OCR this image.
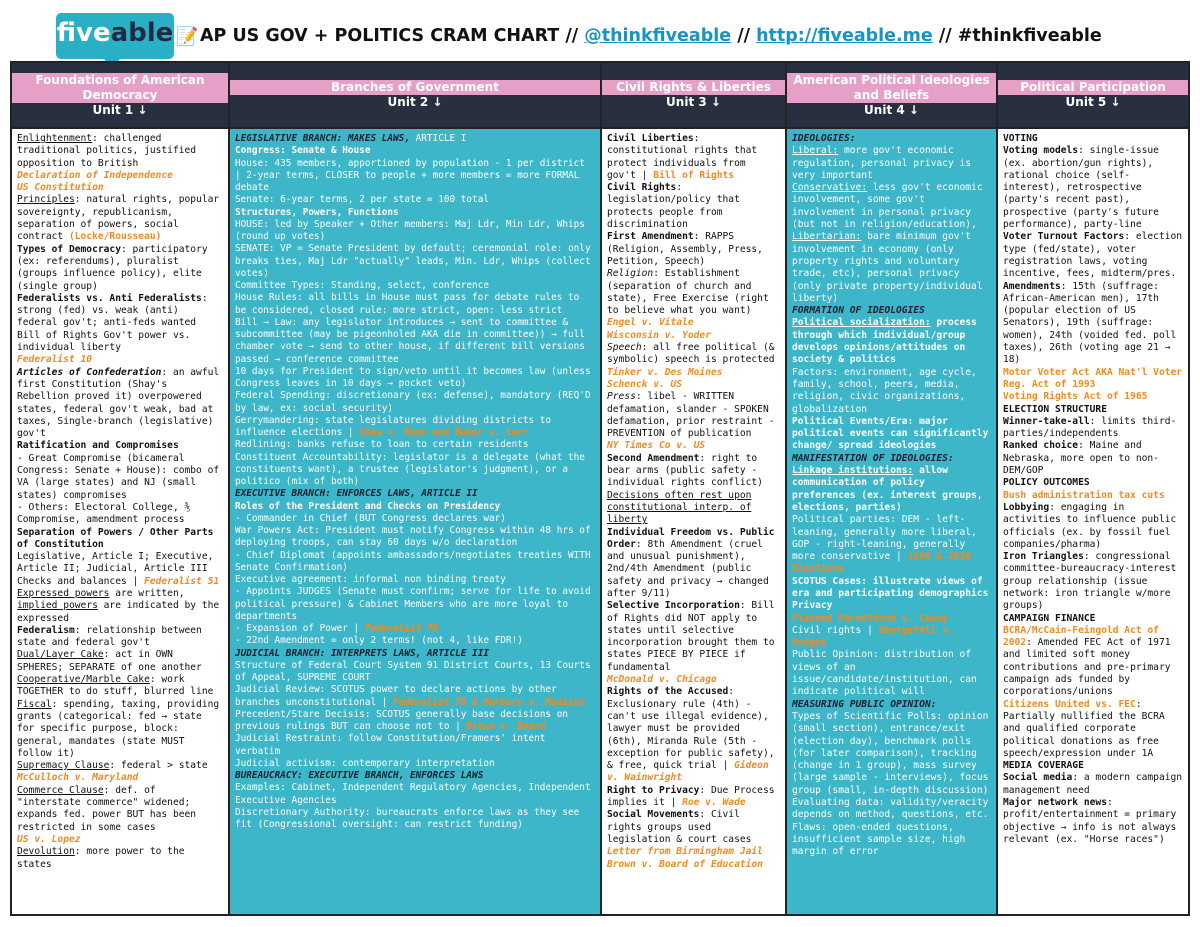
fiveable 📝 AP US GOV + POLITICS CRAM CHART // @thinkfiveable // http://fiveable.me // #thinkfiveable
Foundations of American Democracy
Unit 1 ↓
Enlightenment: challenged traditional politics, justified opposition to British
Declaration of Independence
US Constitution
Principles: natural rights, popular sovereignty, republicanism, separation of powers, social contract (Locke/Rousseau)
Types of Democracy: participatory (ex: referendums), pluralist (groups influence policy), elite (single group)
Federalists vs. Anti Federalists: strong (fed) vs. weak (anti) federal gov't; anti-feds wanted Bill of Rights Gov't power vs. individual liberty
Federalist 10
Articles of Confederation: an awful first Constitution (Shay's Rebellion proved it) overpowered states, federal gov't weak, bad at taxes, Single-branch (legislative) gov't
Ratification and Compromises
- Great Compromise (bicameral Congress: Senate + House): combo of VA (large states) and NJ (small states) compromises
- Others: Electoral College, ⅗ Compromise, amendment process
Separation of Powers / Other Parts of Constitution
Legislative, Article I; Executive, Article II; Judicial, Article III Checks and balances | Federalist 51
Expressed powers are written, implied powers are indicated by the expressed
Federalism: relationship between state and federal gov't
Dual/Layer Cake: act in OWN SPHERES; SEPARATE of one another
Cooperative/Marble Cake: work TOGETHER to do stuff, blurred line
Fiscal: spending, taxing, providing grants (categorical: fed → state for specific purpose, block: general, mandates (state MUST follow it)
Supremacy Clause: federal > state
McCulloch v. Maryland
Commerce Clause: def. of "interstate commerce" widened; expands fed. power BUT has been restricted in some cases
US v. Lopez
Devolution: more power to the states
Branches of Government
Unit 2 ↓
LEGISLATIVE BRANCH: MAKES LAWS, ARTICLE I
Congress: Senate & House
House: 435 members, apportioned by population - 1 per district | 2-year terms, CLOSER to people + more members = more FORMAL debate
Senate: 6-year terms, 2 per state = 100 total
Structures, Powers, Functions
HOUSE: led by Speaker + Other members: Maj Ldr, Min Ldr, Whips (round up votes)
SENATE: VP = Senate President by default; ceremonial role: only breaks ties, Maj Ldr "actually" leads, Min. Ldr, Whips (collect votes)
Committee Types: Standing, select, conference
House Rules: all bills in House must pass for debate rules to be considered, closed rule: more strict, open: less strict
Bill → Law: any legislator introduces → sent to committee & subcommittee (may be pigeonholed AKA die in committee)) → full chamber vote → send to other house, if different bill versions passed → conference committee
10 days for President to sign/veto until it becomes law (unless Congress leaves in 10 days → pocket veto)
Federal Spending: discretionary (ex: defense), mandatory (REQ'D by law, ex: social security)
Gerrymandering: state legislatures dividing districts to influence elections | Shaw v. Reno and Baker v. Carr
Redlining: banks refuse to loan to certain residents
Constituent Accountability: legislator is a delegate (what the constituents want), a trustee (legislator's judgment), or a politico (mix of both)
EXECUTIVE BRANCH: ENFORCES LAWS, ARTICLE II
Roles of the President and Checks on Presidency
- Commander in Chief (BUT Congress declares war)
War Powers Act: President must notify Congress within 48 hrs of deploying troops, can stay 60 days w/o declaration
- Chief Diplomat (appoints ambassadors/negotiates treaties WITH Senate Confirmation)
Executive agreement: informal non binding treaty
- Appoints JUDGES (Senate must confirm; serve for life to avoid political pressure) & Cabinet Members who are more loyal to departments
- Expansion of Power | Federalist 70
- 22nd Amendment = only 2 terms! (not 4, like FDR!)
JUDICIAL BRANCH: INTERPRETS LAWS, ARTICLE III
Structure of Federal Court System 91 District Courts, 13 Courts of Appeal, SUPREME COURT
Judicial Review: SCOTUS power to declare actions by other branches unconstitutional | Federalist 78 & Marbury v. Madison
Precedent/Stare Decisis: SCOTUS generally base decisions on previous rulings BUT can choose not to | Brown v. Board
Judicial Restraint: follow Constitution/Framers' intent verbatim
Judicial activism: contemporary interpretation
BUREAUCRACY: EXECUTIVE BRANCH, ENFORCES LAWS
Examples: Cabinet, Independent Regulatory Agencies, Independent Executive Agencies
Discretionary Authority: bureaucrats enforce laws as they see fit (Congressional oversight: can restrict funding)
Civil Rights & Liberties
Unit 3 ↓
Civil Liberties: constitutional rights that protect individuals from gov't | Bill of Rights
Civil Rights: legislation/policy that protects people from discrimination
First Amendment: RAPPS (Religion, Assembly, Press, Petition, Speech)
Religion: Establishment (separation of church and state), Free Exercise (right to believe what you want)
Engel v. Vitale
Wisconsin v. Yoder
Speech: all free political (& symbolic) speech is protected
Tinker v. Des Moines
Schenck v. US
Press: libel - WRITTEN defamation, slander - SPOKEN defamation, prior restraint - PREVENTION of publication
NY Times Co v. US
Second Amendment: right to bear arms (public safety - individual rights conflict)
Decisions often rest upon constitutional interp. of liberty
Individual Freedom vs. Public Order: 8th Amendment (cruel and unusual punishment), 2nd/4th Amendment (public safety and privacy → changed after 9/11)
Selective Incorporation: Bill of Rights did NOT apply to states until selective incorporation brought them to states PIECE BY PIECE if fundamental
McDonald v. Chicago
Rights of the Accused: Exclusionary rule (4th) - can't use illegal evidence), lawyer must be provided (6th), Miranda Rule (5th - exception for public safety), & free, quick trial | Gideon v. Wainwright
Right to Privacy: Due Process implies it | Roe v. Wade
Social Movements: Civil rights groups used legislation & court cases
Letter from Birmingham Jail
Brown v. Board of Education
American Political Ideologies and Beliefs
Unit 4 ↓
IDEOLOGIES:
Liberal: more gov't economic regulation, personal privacy is very important
Conservative: less gov't economic involvement, some gov't involvement in personal privacy (but not in religion/education),
Libertarian: bare minimum gov't involvement in economy (only property rights and voluntary trade, etc), personal privacy (only private property/individual liberty)
FORMATION OF IDEOLOGIES
Political socialization: process through which individual/group develops opinions/attitudes on society & politics
Factors: environment, age cycle, family, school, peers, media, religion, civic organizations, globalization
Political Events/Era: major political events can significantly change/ spread ideologies
MANIFESTATION OF IDEOLOGIES:
Linkage institutions: allow communication of policy preferences (ex. interest groups, elections, parties)
Political parties: DEM - left-leaning, generally more liberal, GOP - right-leaning, generally more conservative | 1980 & 2016 Elections
SCOTUS Cases: illustrate views of era and participating demographics Privacy
Planned Parenthood v. Casey
Civil rights | Obergefell v. Hodges
Public Opinion: distribution of views of an issue/candidate/institution, can indicate political will
MEASURING PUBLIC OPINION:
Types of Scientific Polls: opinion (small section), entrance/exit (election day), benchmark polls (for later comparison), tracking (change in 1 group), mass survey (large sample - interviews), focus group (small, in-depth discussion)
Evaluating data: validity/veracity depends on method, questions, etc. Flaws: open-ended questions, insufficient sample size, high margin of error
Political Participation
Unit 5 ↓
VOTING
Voting models: single-issue (ex. abortion/gun rights), rational choice (self-interest), retrospective (party's recent past), prospective (party's future performance), party-line
Voter Turnout Factors: election type (fed/state), voter registration laws, voting incentive, fees, midterm/pres.
Amendments: 15th (suffrage: African-American men), 17th (popular election of US Senators), 19th (suffrage: women), 24th (voided fed. poll taxes), 26th (voting age 21 → 18)
Motor Voter Act AKA Nat'l Voter Reg. Act of 1993
Voting Rights Act of 1965
ELECTION STRUCTURE
Winner-take-all: limits third-parties/independents
Ranked choice: Maine and Nebraska, more open to non-DEM/GOP
POLICY OUTCOMES
Bush administration tax cuts
Lobbying: engaging in activities to influence public officials (ex. by fossil fuel companies/pharma)
Iron Triangles: congressional committee-bureaucracy-interest group relationship (issue network: iron triangle w/more groups)
CAMPAIGN FINANCE
BCRA/McCain-Feingold Act of 2002: Amended FEC Act of 1971 and limited soft money contributions and pre-primary campaign ads funded by corporations/unions
Citizens United vs. FEC: Partially nullified the BCRA and qualified corporate political donations as free speech/expression under 1A
MEDIA COVERAGE
Social media: a modern campaign management need
Major network news: profit/entertainment = primary objective → info is not always relevant (ex. "Horse races")
